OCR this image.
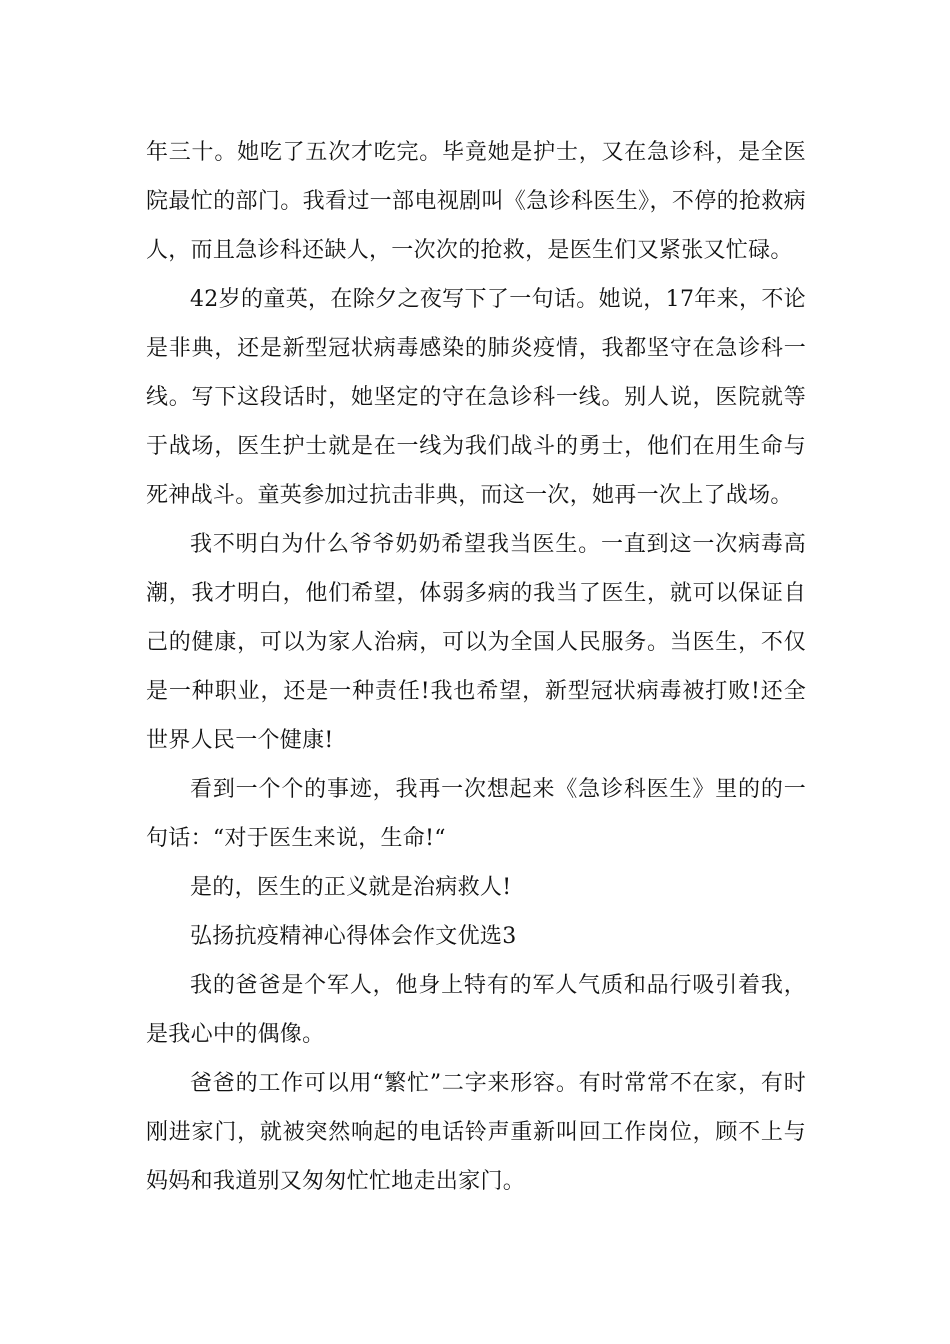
年三十。她吃了五次才吃完。毕竟她是护士，又在急诊科，是全医院最忙的部门。我看过一部电视剧叫《急诊科医生》，不停的抢救病人，而且急诊科还缺人，一次次的抢救，是医生们又紧张又忙碌。

42岁的童英，在除夕之夜写下了一句话。她说，17年来，不论是非典，还是新型冠状病毒感染的肺炎疫情，我都坚守在急诊科一线。写下这段话时，她坚定的守在急诊科一线。别人说，医院就等于战场，医生护士就是在一线为我们战斗的勇士，他们在用生命与死神战斗。童英参加过抗击非典，而这一次，她再一次上了战场。

我不明白为什么爷爷奶奶希望我当医生。一直到这一次病毒高潮，我才明白，他们希望，体弱多病的我当了医生，就可以保证自己的健康，可以为家人治病，可以为全国人民服务。当医生，不仅是一种职业，还是一种责任!我也希望，新型冠状病毒被打败!还全世界人民一个健康!

看到一个个的事迹，我再一次想起来《急诊科医生》里的的一句话：“对于医生来说，生命!“

是的，医生的正义就是治病救人!

弘扬抗疫精神心得体会作文优选3

我的爸爸是个军人，他身上特有的军人气质和品行吸引着我，是我心中的偶像。

爸爸的工作可以用“繁忙”二字来形容。有时常常不在家，有时刚进家门，就被突然响起的电话铃声重新叫回工作岗位，顾不上与妈妈和我道别又匆匆忙忙地走出家门。
